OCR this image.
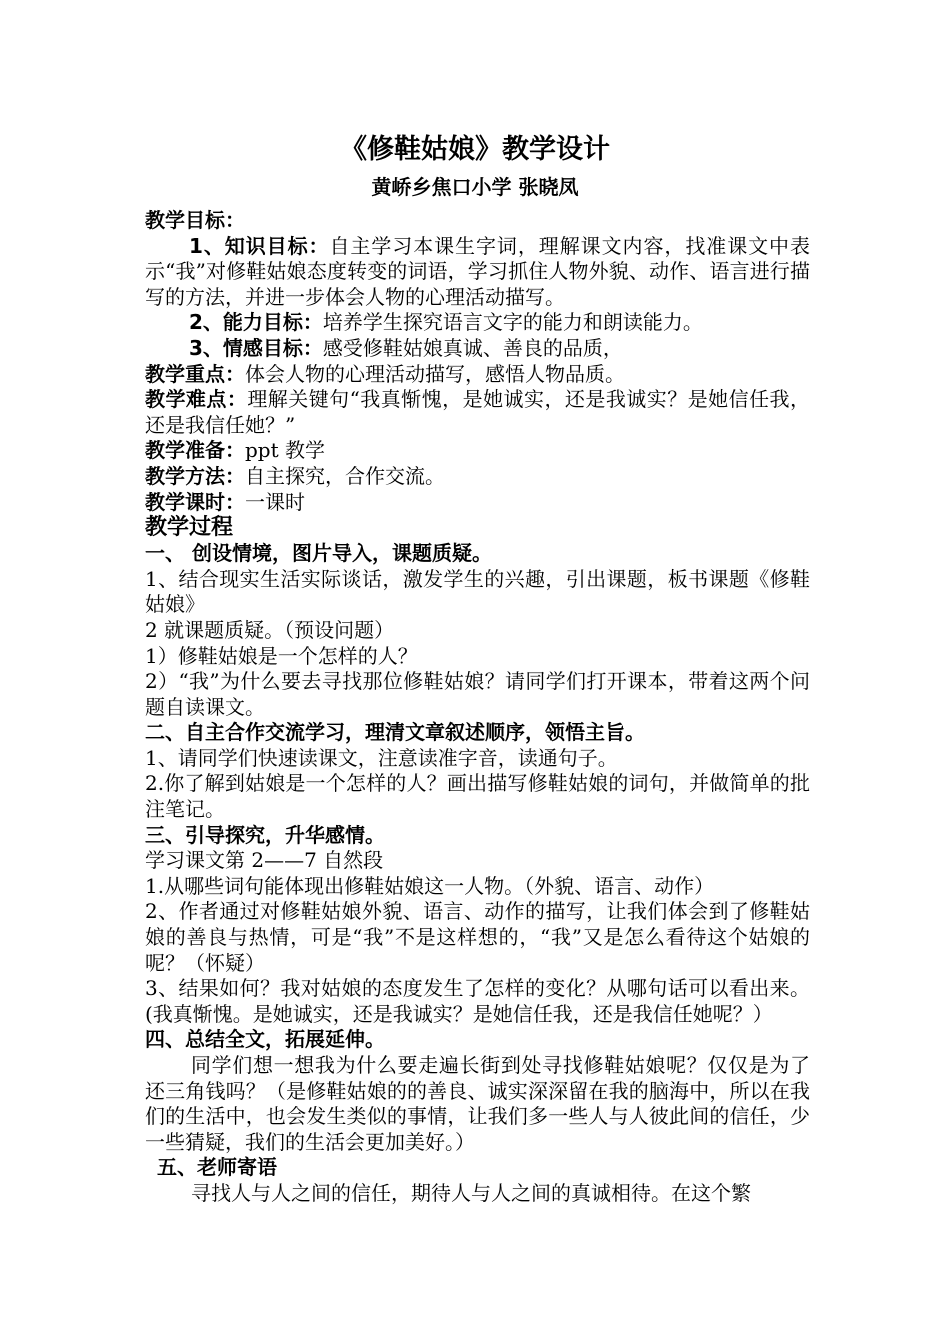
《修鞋姑娘》教学设计
黄峤乡焦口小学 张晓凤

教学目标：

1、知识目标：自主学习本课生字词，理解课文内容，找准课文中表示“我”对修鞋姑娘态度转变的词语，学习抓住人物外貌、动作、语言进行描写的方法，并进一步体会人物的心理活动描写。

2、能力目标：培养学生探究语言文字的能力和朗读能力。

3、情感目标：感受修鞋姑娘真诚、善良的品质，

教学重点：体会人物的心理活动描写，感悟人物品质。

教学难点：理解关键句“我真惭愧，是她诚实，还是我诚实？是她信任我，还是我信任她？”

教学准备：ppt 教学

教学方法：自主探究，合作交流。

教学课时：一课时

教学过程

一、 创设情境，图片导入，课题质疑。

1、结合现实生活实际谈话，激发学生的兴趣，引出课题，板书课题《修鞋姑娘》

2 就课题质疑。（预设问题）

1）修鞋姑娘是一个怎样的人？

2）“我”为什么要去寻找那位修鞋姑娘？请同学们打开课本，带着这两个问题自读课文。

二、自主合作交流学习，理清文章叙述顺序，领悟主旨。

1、请同学们快速读课文，注意读准字音，读通句子。

2.你了解到姑娘是一个怎样的人？画出描写修鞋姑娘的词句，并做简单的批注笔记。

三、引导探究，升华感情。

学习课文第 2——7 自然段

1.从哪些词句能体现出修鞋姑娘这一人物。（外貌、语言、动作）

2、作者通过对修鞋姑娘外貌、语言、动作的描写，让我们体会到了修鞋姑娘的善良与热情，可是“我”不是这样想的，“我”又是怎么看待这个姑娘的呢？（怀疑）

3、结果如何？我对姑娘的态度发生了怎样的变化？从哪句话可以看出来。(我真惭愧。是她诚实，还是我诚实？是她信任我，还是我信任她呢？）

四、总结全文，拓展延伸。

同学们想一想我为什么要走遍长街到处寻找修鞋姑娘呢？仅仅是为了还三角钱吗？（是修鞋姑娘的的善良、诚实深深留在我的脑海中，所以在我们的生活中，也会发生类似的事情，让我们多一些人与人彼此间的信任，少一些猜疑，我们的生活会更加美好。）

五、老师寄语

寻找人与人之间的信任，期待人与人之间的真诚相待。在这个繁
